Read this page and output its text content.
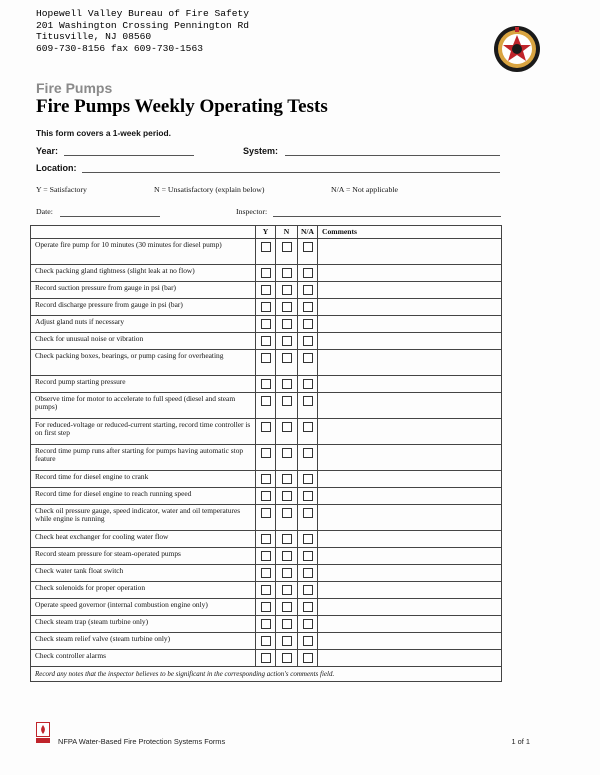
Hopewell Valley Bureau of Fire Safety
201 Washington Crossing Pennington Rd
Titusville, NJ 08560
609-730-8156 fax 609-730-1563
Fire Pumps
Fire Pumps Weekly Operating Tests
This form covers a 1-week period.
Year:	System:
Location:
Y = Satisfactory	N = Unsatisfactory (explain below)	N/A = Not applicable
Date:	Inspector:
	Y	N	N/A	Comments
Operate fire pump for 10 minutes (30 minutes for diesel pump)				
Check packing gland tightness (slight leak at no flow)				
Record suction pressure from gauge in psi (bar)				
Record discharge pressure from gauge in psi (bar)				
Adjust gland nuts if necessary				
Check for unusual noise or vibration				
Check packing boxes, bearings, or pump casing for overheating				
Record pump starting pressure				
Observe time for motor to accelerate to full speed (diesel and steam pumps)				
For reduced-voltage or reduced-current starting, record time controller is on first step				
Record time pump runs after starting for pumps having automatic stop feature				
Record time for diesel engine to crank				
Record time for diesel engine to reach running speed				
Check oil pressure gauge, speed indicator, water and oil temperatures while engine is running				
Check heat exchanger for cooling water flow				
Record steam pressure for steam-operated pumps				
Check water tank float switch				
Check solenoids for proper operation				
Operate speed governor (internal combustion engine only)				
Check steam trap (steam turbine only)				
Check steam relief valve (steam turbine only)				
Check controller alarms				
Record any notes that the inspector believes to be significant in the corresponding action's comments field.				
NFPA Water-Based Fire Protection Systems Forms	1 of 1
